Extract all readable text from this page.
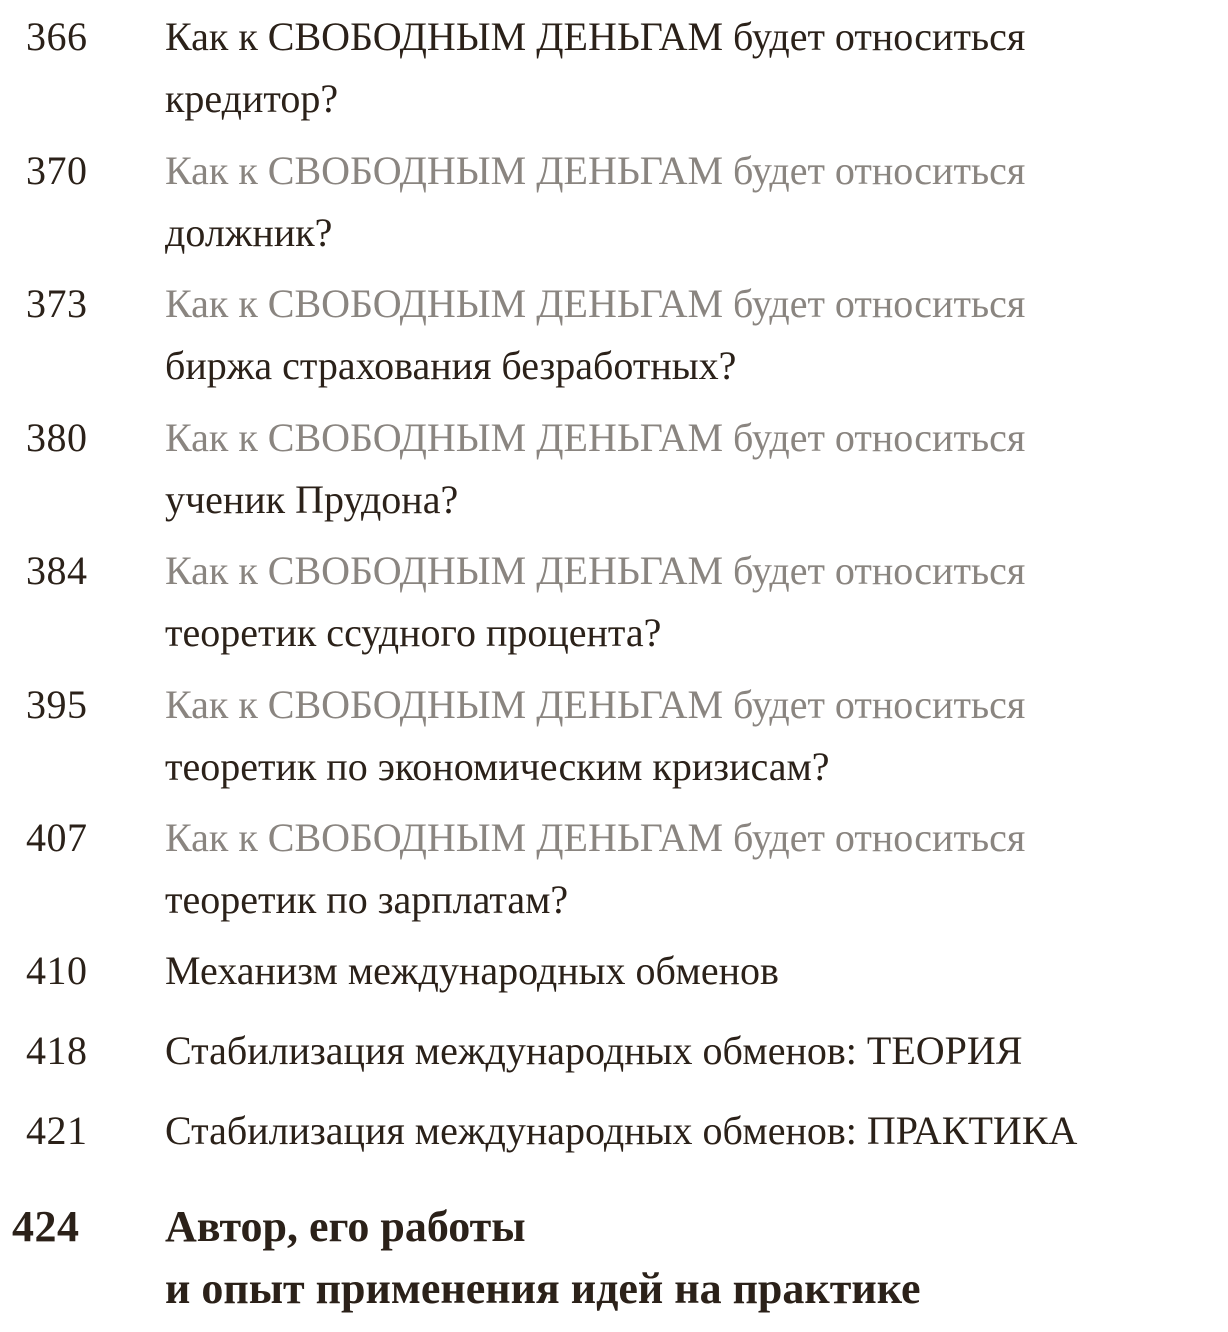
366 Как к СВОБОДНЫМ ДЕНЬГАМ будет относиться
кредитор?
370 Как к СВОБОДНЫМ ДЕНЬГАМ будет относиться
должник?
373 Как к СВОБОДНЫМ ДЕНЬГАМ будет относиться
биржа страхования безработных?
380 Как к СВОБОДНЫМ ДЕНЬГАМ будет относиться
ученик Прудона?
384 Как к СВОБОДНЫМ ДЕНЬГАМ будет относиться
теоретик ссудного процента?
395 Как к СВОБОДНЫМ ДЕНЬГАМ будет относиться
теоретик по экономическим кризисам?
407 Как к СВОБОДНЫМ ДЕНЬГАМ будет относиться
теоретик по зарплатам?
410 Механизм международных обменов
418 Стабилизация международных обменов: ТЕОРИЯ
421 Стабилизация международных обменов: ПРАКТИКА
424 Автор, его работы
и опыт применения идей на практике
